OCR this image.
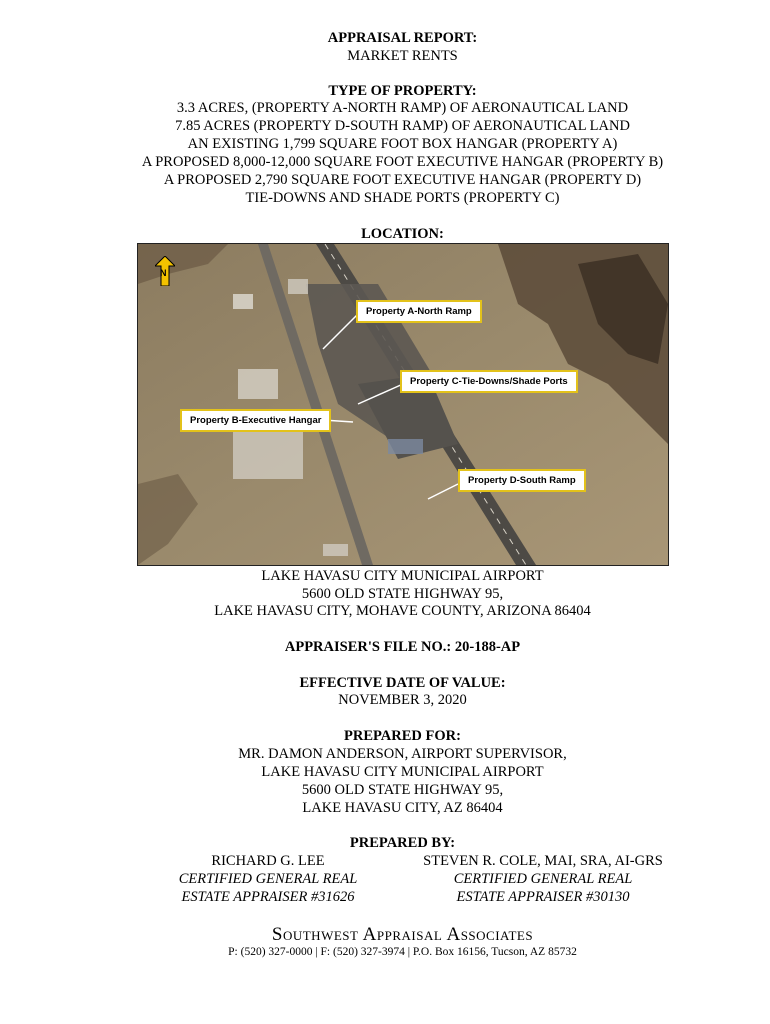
APPRAISAL REPORT:
MARKET RENTS
TYPE OF PROPERTY:
3.3 ACRES, (PROPERTY A-NORTH RAMP) OF AERONAUTICAL LAND
7.85 ACRES (PROPERTY D-SOUTH RAMP) OF AERONAUTICAL LAND
AN EXISTING 1,799 SQUARE FOOT BOX HANGAR (PROPERTY A)
A PROPOSED 8,000-12,000 SQUARE FOOT EXECUTIVE HANGAR (PROPERTY B)
A PROPOSED 2,790 SQUARE FOOT EXECUTIVE HANGAR (PROPERTY D)
TIE-DOWNS AND SHADE PORTS (PROPERTY C)
LOCATION:
N
Property A-North Ramp
Property C-Tie-Downs/Shade Ports
Property B-Executive Hangar
Property D-South Ramp
LAKE HAVASU CITY MUNICIPAL AIRPORT
5600 OLD STATE HIGHWAY 95,
LAKE HAVASU CITY, MOHAVE COUNTY, ARIZONA 86404
APPRAISER'S FILE NO.: 20-188-AP
EFFECTIVE DATE OF VALUE:
NOVEMBER 3, 2020
PREPARED FOR:
MR. DAMON ANDERSON, AIRPORT SUPERVISOR,
LAKE HAVASU CITY MUNICIPAL AIRPORT
5600 OLD STATE HIGHWAY 95,
LAKE HAVASU CITY, AZ 86404
PREPARED BY:
RICHARD G. LEE
CERTIFIED GENERAL REAL
ESTATE APPRAISER #31626
STEVEN R. COLE, MAI, SRA, AI-GRS
CERTIFIED GENERAL REAL
ESTATE APPRAISER #30130
Southwest Appraisal Associates
P: (520) 327-0000 | F: (520) 327-3974 | P.O. Box 16156, Tucson, AZ 85732
